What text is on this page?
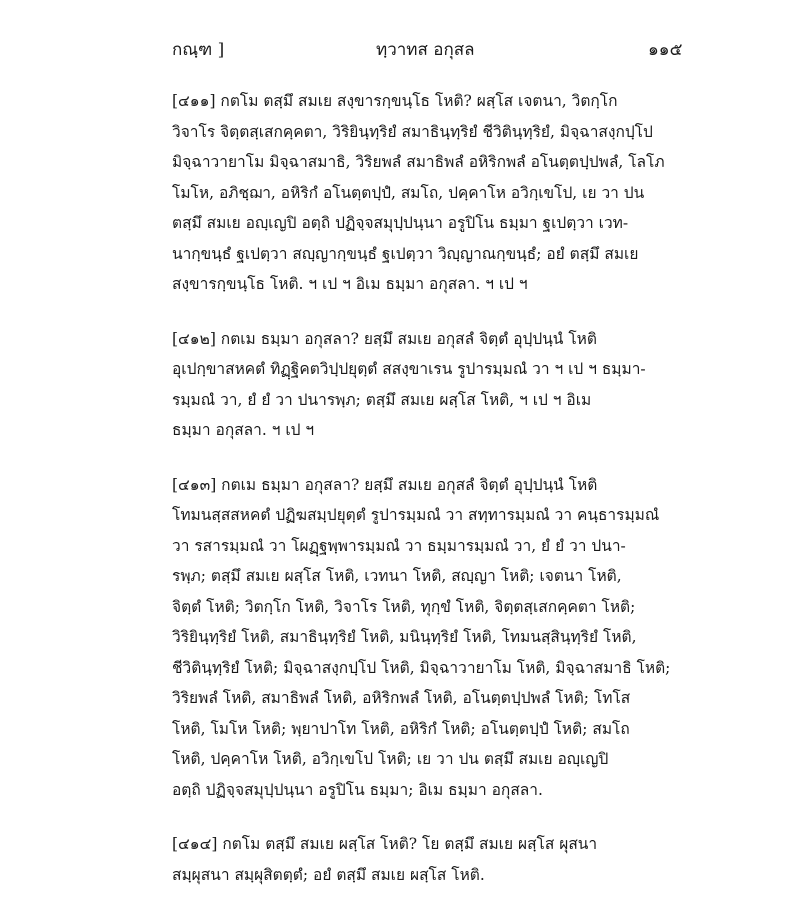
กณฺฑ ]	ทฺวาทส อกุสล	๑๑๕

[๔๑๑] กตโม ตสฺมึ สมเย สงฺขารกฺขนฺโธ โหติ? ผสฺโส เจตนา, วิตกฺโก
วิจาโร จิตฺตสฺเสกคฺคตา, วิริยินฺทฺริยํ สมาธินฺทฺริยํ ชีวิตินฺทฺริยํ, มิจฺฉาสงฺกปฺโป
มิจฺฉาวายาโม มิจฺฉาสมาธิ, วิริยพลํ สมาธิพลํ อหิริกพลํ อโนตฺตปฺปพลํ, โลโภ
โมโห, อภิชฺฌา, อหิริกํ อโนตฺตปฺปํ, สมโถ, ปคฺคาโห อวิกฺเขโป, เย วา ปน
ตสฺมึ สมเย อญฺเญปิ อตฺถิ ปฏิจฺจสมุปฺปนฺนา อรูปิโน ธมฺมา ฐเปตฺวา เวท-
นากฺขนฺธํ ฐเปตฺวา สญฺญากฺขนฺธํ ฐเปตฺวา วิญฺญาณกฺขนฺธํ; อยํ ตสฺมึ สมเย
สงฺขารกฺขนฺโธ โหติ. ฯ เป ฯ อิเม ธมฺมา อกุสลา. ฯ เป ฯ

[๔๑๒] กตเม ธมฺมา อกุสลา? ยสฺมึ สมเย อกุสลํ จิตฺตํ อุปฺปนฺนํ โหติ
อุเปกฺขาสหคตํ ทิฏฺฐิคตวิปฺปยุตฺตํ สสงฺขาเรน รูปารมฺมณํ วา ฯ เป ฯ ธมฺมา-
รมฺมณํ วา, ยํ ยํ วา ปนารพฺภ; ตสฺมึ สมเย ผสฺโส โหติ, ฯ เป ฯ อิเม
ธมฺมา อกุสลา. ฯ เป ฯ

[๔๑๓] กตเม ธมฺมา อกุสลา? ยสฺมึ สมเย อกุสลํ จิตฺตํ อุปฺปนฺนํ โหติ
โทมนสฺสสหคตํ ปฏิฆสมฺปยุตฺตํ รูปารมฺมณํ วา สทฺทารมฺมณํ วา คนฺธารมฺมณํ
วา รสารมฺมณํ วา โผฏฺฐพฺพารมฺมณํ วา ธมฺมารมฺมณํ วา, ยํ ยํ วา ปนา-
รพฺภ; ตสฺมึ สมเย ผสฺโส โหติ, เวทนา โหติ, สญฺญา โหติ; เจตนา โหติ,
จิตฺตํ โหติ; วิตกฺโก โหติ, วิจาโร โหติ, ทุกฺขํ โหติ, จิตฺตสฺเสกคฺคตา โหติ;
วิริยินฺทฺริยํ โหติ, สมาธินฺทฺริยํ โหติ, มนินฺทฺริยํ โหติ, โทมนสฺสินฺทฺริยํ โหติ,
ชีวิตินฺทฺริยํ โหติ; มิจฺฉาสงฺกปฺโป โหติ, มิจฺฉาวายาโม โหติ, มิจฺฉาสมาธิ โหติ;
วิริยพลํ โหติ, สมาธิพลํ โหติ, อหิริกพลํ โหติ, อโนตฺตปฺปพลํ โหติ; โทโส
โหติ, โมโห โหติ; พฺยาปาโท โหติ, อหิริกํ โหติ; อโนตฺตปฺปํ โหติ; สมโถ
โหติ, ปคฺคาโห โหติ, อวิกฺเขโป โหติ; เย วา ปน ตสฺมึ สมเย อญฺเญปิ
อตฺถิ ปฏิจฺจสมุปฺปนฺนา อรูปิโน ธมฺมา; อิเม ธมฺมา อกุสลา.

[๔๑๔] กตโม ตสฺมึ สมเย ผสฺโส โหติ? โย ตสฺมึ สมเย ผสฺโส ผุสนา
สมฺผุสนา สมฺผุสิตตฺตํ; อยํ ตสฺมึ สมเย ผสฺโส โหติ.
